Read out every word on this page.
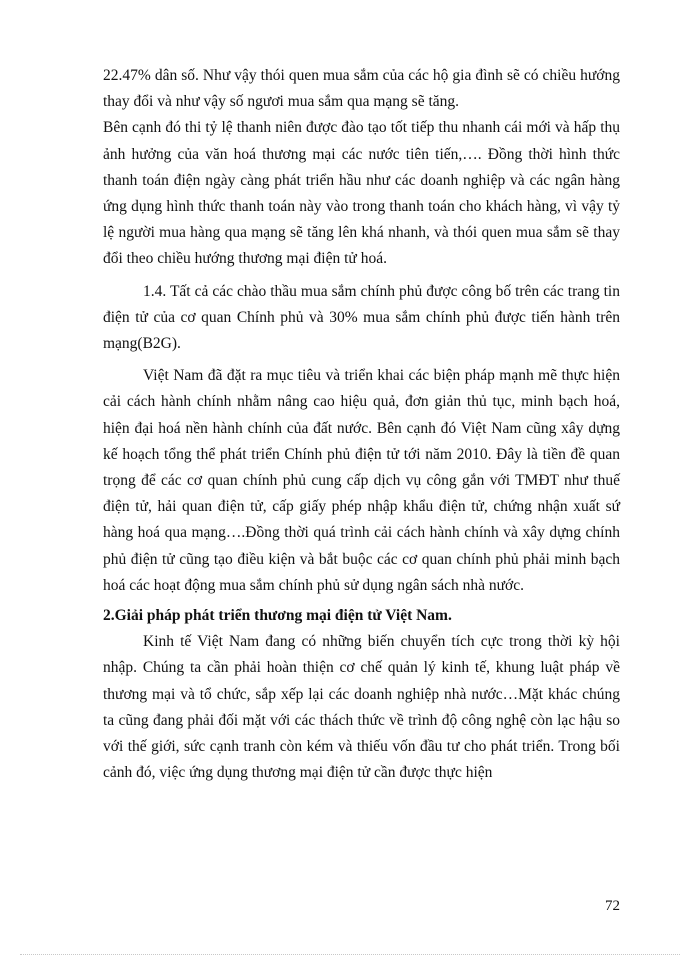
22.47% dân số. Như vậy thói quen mua sắm của các hộ gia đình sẽ có chiều hướng thay đổi và như vậy số ngươi mua sắm qua mạng sẽ tăng.

Bên cạnh đó thi tỷ lệ thanh niên được đào tạo tốt tiếp thu nhanh cái mới và hấp thụ ảnh hưởng của văn hoá thương mại các nước tiên tiến,…. Đồng thời hình thức thanh toán điện ngày càng phát triển hầu như các doanh nghiệp và các ngân hàng ứng dụng hình thức thanh toán này vào trong thanh toán cho khách hàng, vì vậy tỷ lệ người mua hàng qua mạng sẽ tăng lên khá nhanh, và thói quen mua sắm sẽ thay đổi theo chiều hướng thương mại điện tử hoá.

1.4. Tất cả các chào thầu mua sắm chính phủ được công bố trên các trang tin điện tử của cơ quan Chính phủ và 30% mua sắm chính phủ được tiến hành trên mạng(B2G).

Việt Nam đã đặt ra mục tiêu và triển khai các biện pháp mạnh mẽ thực hiện cải cách hành chính nhằm nâng cao hiệu quả, đơn giản thủ tục, minh bạch hoá, hiện đại hoá nền hành chính của đất nước. Bên cạnh đó Việt Nam cũng xây dựng kế hoạch tổng thể phát triển Chính phủ điện tử tới năm 2010. Đây là tiền đề quan trọng để các cơ quan chính phủ cung cấp dịch vụ công gắn với TMĐT như thuế điện tử, hải quan điện tử, cấp giấy phép nhập khẩu điện tử, chứng nhận xuất sứ hàng hoá qua mạng….Đồng thời quá trình cải cách hành chính và xây dựng chính phủ điện tử cũng tạo điều kiện và bắt buộc các cơ quan chính phủ phải minh bạch hoá các hoạt động mua sắm chính phủ sử dụng ngân sách nhà nước.

2.Giải pháp phát triển thương mại điện tử Việt Nam.

Kinh tế Việt Nam đang có những biến chuyển tích cực trong thời kỳ hội nhập. Chúng ta cần phải hoàn thiện cơ chế quản lý kinh tế, khung luật pháp về thương mại và tổ chức, sắp xếp lại các doanh nghiệp nhà nước…Mặt khác chúng ta cũng đang phải đối mặt với các thách thức về trình độ công nghệ còn lạc hậu so với thế giới, sức cạnh tranh còn kém và thiếu vốn đầu tư cho phát triển. Trong bối cảnh đó, việc ứng dụng thương mại điện tử cần được thực hiện

72
